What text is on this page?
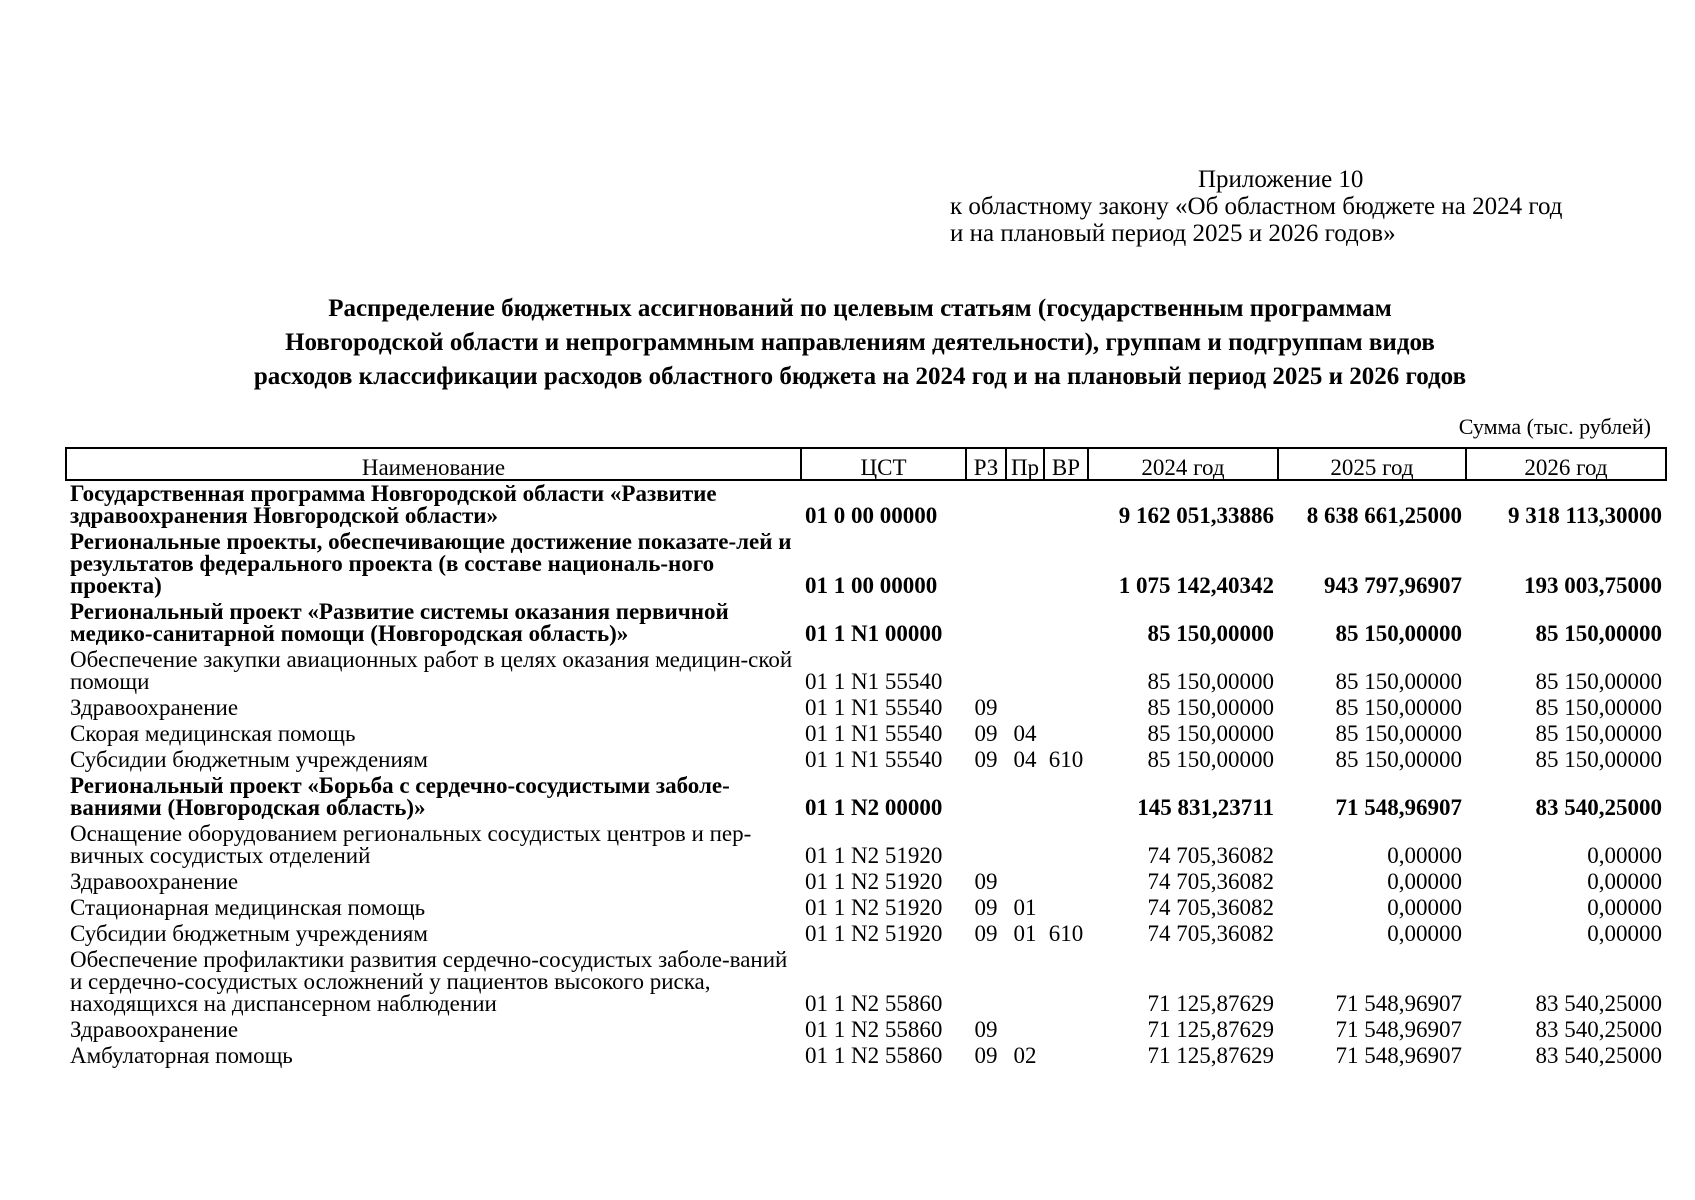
Приложение 10
к областному закону «Об областном бюджете на 2024 год
и на плановый период 2025 и 2026 годов»
Распределение бюджетных ассигнований по целевым статьям (государственным программам
Новгородской области и непрограммным направлениям деятельности), группам и подгруппам видов
расходов классификации расходов областного бюджета на 2024 год и на плановый период 2025 и 2026 годов
Сумма (тыс. рублей)
Наименование	ЦСТ	РЗ	Пр	ВР	2024 год	2025 год	2026 год
Государственная программа Новгородской области «Развитие здравоохранения Новгородской области»	01 0 00 00000				9 162 051,33886	8 638 661,25000	9 318 113,30000
Региональные проекты, обеспечивающие достижение показате-лей и результатов федерального проекта (в составе националь-ного проекта)	01 1 00 00000				1 075 142,40342	943 797,96907	193 003,75000
Региональный проект «Развитие системы оказания первичной медико-санитарной помощи (Новгородская область)»	01 1 N1 00000				85 150,00000	85 150,00000	85 150,00000
Обеспечение закупки авиационных работ в целях оказания медицин-ской помощи	01 1 N1 55540				85 150,00000	85 150,00000	85 150,00000
Здравоохранение	01 1 N1 55540	09			85 150,00000	85 150,00000	85 150,00000
Скорая медицинская помощь	01 1 N1 55540	09	04		85 150,00000	85 150,00000	85 150,00000
Субсидии бюджетным учреждениям	01 1 N1 55540	09	04	610	85 150,00000	85 150,00000	85 150,00000
Региональный проект «Борьба с сердечно-сосудистыми заболе-ваниями (Новгородская область)»	01 1 N2 00000				145 831,23711	71 548,96907	83 540,25000
Оснащение оборудованием региональных сосудистых центров и пер-вичных сосудистых отделений	01 1 N2 51920				74 705,36082	0,00000	0,00000
Здравоохранение	01 1 N2 51920	09			74 705,36082	0,00000	0,00000
Стационарная медицинская помощь	01 1 N2 51920	09	01		74 705,36082	0,00000	0,00000
Субсидии бюджетным учреждениям	01 1 N2 51920	09	01	610	74 705,36082	0,00000	0,00000
Обеспечение профилактики развития сердечно-сосудистых заболе-ваний и сердечно-сосудистых осложнений у пациентов высокого риска, находящихся на диспансерном наблюдении	01 1 N2 55860				71 125,87629	71 548,96907	83 540,25000
Здравоохранение	01 1 N2 55860	09			71 125,87629	71 548,96907	83 540,25000
Амбулаторная помощь	01 1 N2 55860	09	02		71 125,87629	71 548,96907	83 540,25000
